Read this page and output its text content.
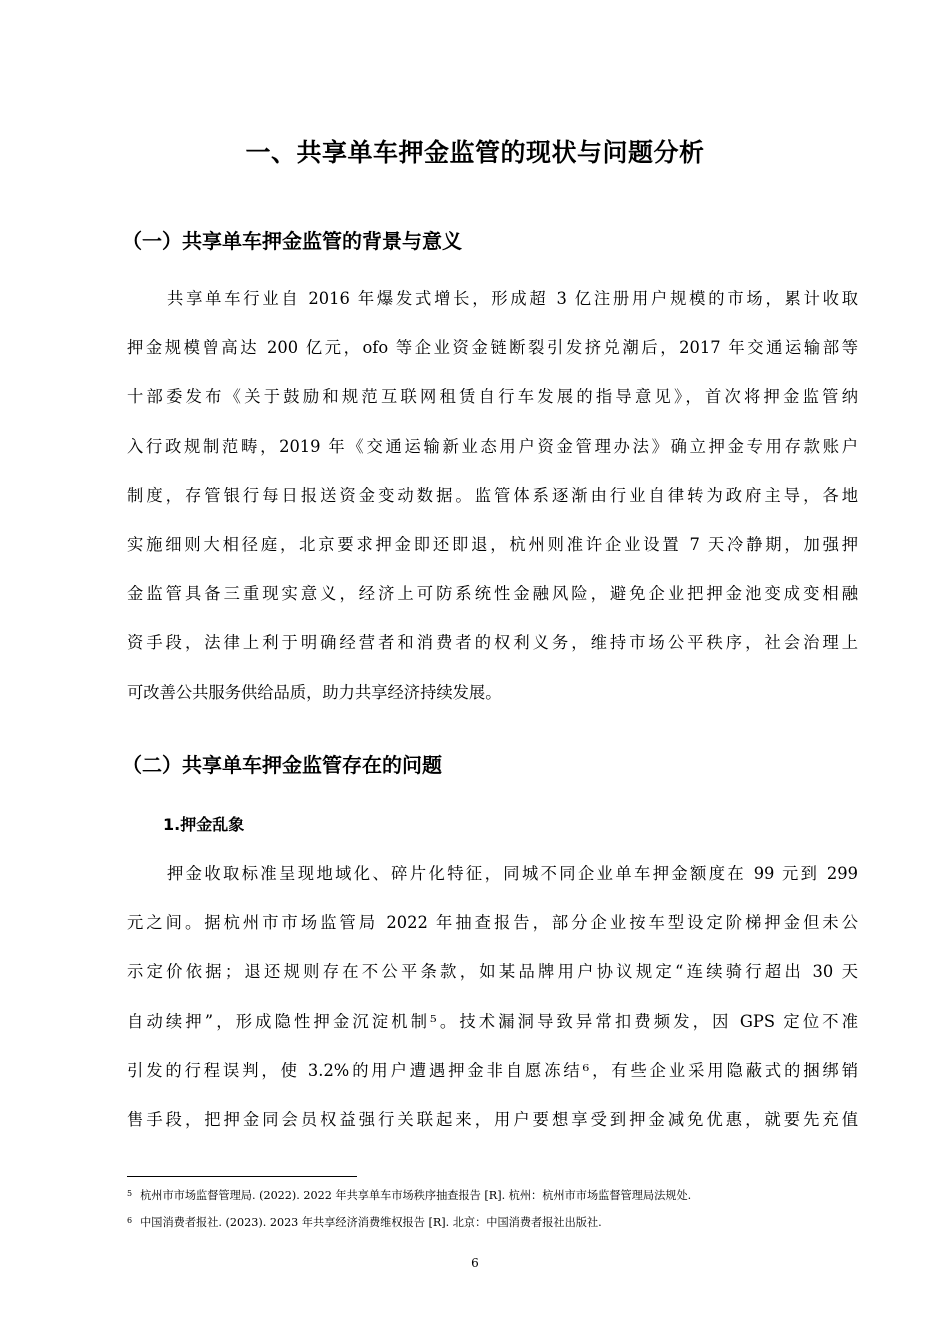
一、共享单车押金监管的现状与问题分析
（一）共享单车押金监管的背景与意义
共享单车行业自 2016 年爆发式增长，形成超 3 亿注册用户规模的市场，累计收取
押金规模曾高达 200 亿元，ofo 等企业资金链断裂引发挤兑潮后，2017 年交通运输部等
十部委发布《关于鼓励和规范互联网租赁自行车发展的指导意见》，首次将押金监管纳
入行政规制范畴，2019 年《交通运输新业态用户资金管理办法》确立押金专用存款账户
制度，存管银行每日报送资金变动数据。监管体系逐渐由行业自律转为政府主导，各地
实施细则大相径庭，北京要求押金即还即退，杭州则准许企业设置 7 天冷静期，加强押
金监管具备三重现实意义，经济上可防系统性金融风险，避免企业把押金池变成变相融
资手段，法律上利于明确经营者和消费者的权利义务，维持市场公平秩序，社会治理上
可改善公共服务供给品质，助力共享经济持续发展。
（二）共享单车押金监管存在的问题
1.押金乱象
押金收取标准呈现地域化、碎片化特征，同城不同企业单车押金额度在 99 元到 299
元之间。据杭州市市场监管局 2022 年抽查报告，部分企业按车型设定阶梯押金但未公
示定价依据；退还规则存在不公平条款，如某品牌用户协议规定“连续骑行超出 30 天
自动续押”，形成隐性押金沉淀机制⁵。技术漏洞导致异常扣费频发，因 GPS 定位不准
引发的行程误判，使 3.2%的用户遭遇押金非自愿冻结⁶，有些企业采用隐蔽式的捆绑销
售手段，把押金同会员权益强行关联起来，用户要想享受到押金减免优惠，就要先充值
$^5$ 杭州市市场监督管理局. (2022). 2022 年共享单车市场秩序抽查报告 [R]. 杭州：杭州市市场监督管理局法规处.
$^6$ 中国消费者报社. (2023). 2023 年共享经济消费维权报告 [R]. 北京：中国消费者报社出版社.
6
